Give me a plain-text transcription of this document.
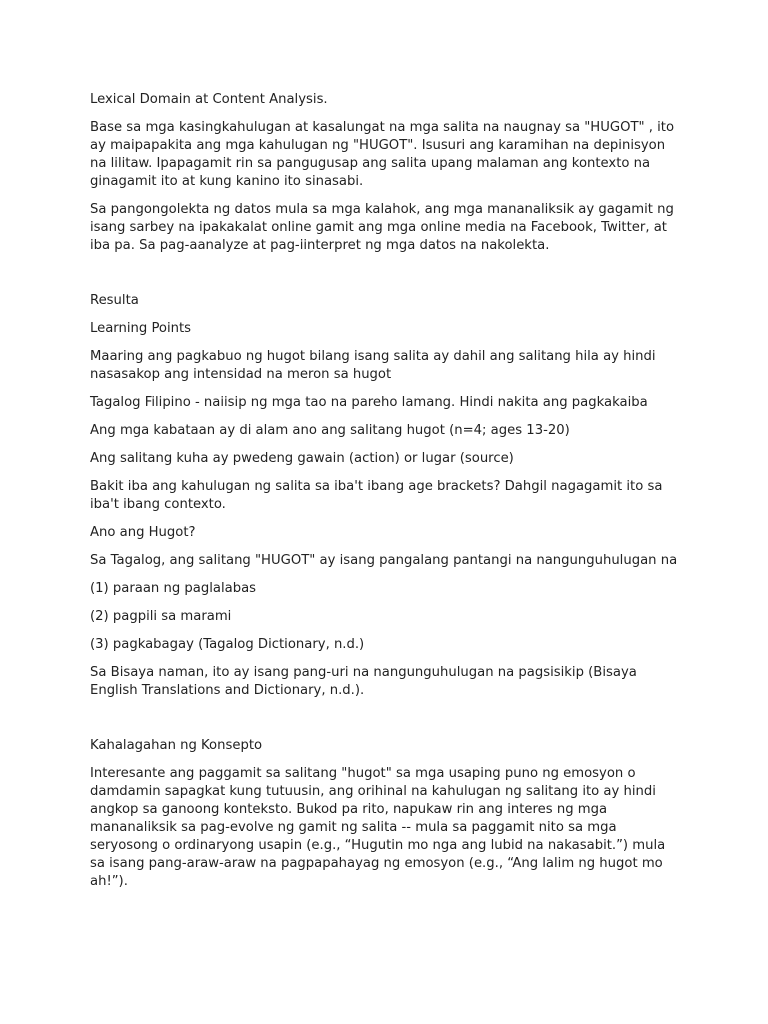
Lexical Domain at Content Analysis.

Base sa mga kasingkahulugan at kasalungat na mga salita na naugnay sa "HUGOT" , ito ay maipapakita ang mga kahulugan ng "HUGOT". Isusuri ang karamihan na depinisyon na lilitaw. Ipapagamit rin sa pangugusap ang salita upang malaman ang kontexto na ginagamit ito at kung kanino ito sinasabi.

Sa pangongolekta ng datos mula sa mga kalahok, ang mga mananaliksik ay gagamit ng isang sarbey na ipakakalat online gamit ang mga online media na Facebook, Twitter, at iba pa. Sa pag-aanalyze at pag-iinterpret ng mga datos na nakolekta.

Resulta

Learning Points

Maaring ang pagkabuo ng hugot bilang isang salita ay dahil ang salitang hila ay hindi nasasakop ang intensidad na meron sa hugot

Tagalog Filipino - naiisip ng mga tao na pareho lamang. Hindi nakita ang pagkakaiba

Ang mga kabataan ay di alam ano ang salitang hugot (n=4; ages 13-20)

Ang salitang kuha ay pwedeng gawain (action) or lugar (source)

Bakit iba ang kahulugan ng salita sa iba't ibang age brackets? Dahgil nagagamit ito sa iba't ibang contexto.

Ano ang Hugot?

Sa Tagalog, ang salitang "HUGOT" ay isang pangalang pantangi na nangunguhulugan na

(1) paraan ng paglalabas

(2) pagpili sa marami

(3) pagkabagay (Tagalog Dictionary, n.d.)

Sa Bisaya naman, ito ay isang pang-uri na nangunguhulugan na pagsisikip (Bisaya English Translations and Dictionary, n.d.).

Kahalagahan ng Konsepto

Interesante ang paggamit sa salitang "hugot" sa mga usaping puno ng emosyon o damdamin sapagkat kung tutuusin, ang orihinal na kahulugan ng salitang ito ay hindi angkop sa ganoong konteksto. Bukod pa rito, napukaw rin ang interes ng mga mananaliksik sa pag-evolve ng gamit ng salita -- mula sa paggamit nito sa mga seryosong o ordinaryong usapin (e.g., “Hugutin mo nga ang lubid na nakasabit.”) mula sa isang pang-araw-araw na pagpapahayag ng emosyon (e.g., “Ang lalim ng hugot mo ah!”).
